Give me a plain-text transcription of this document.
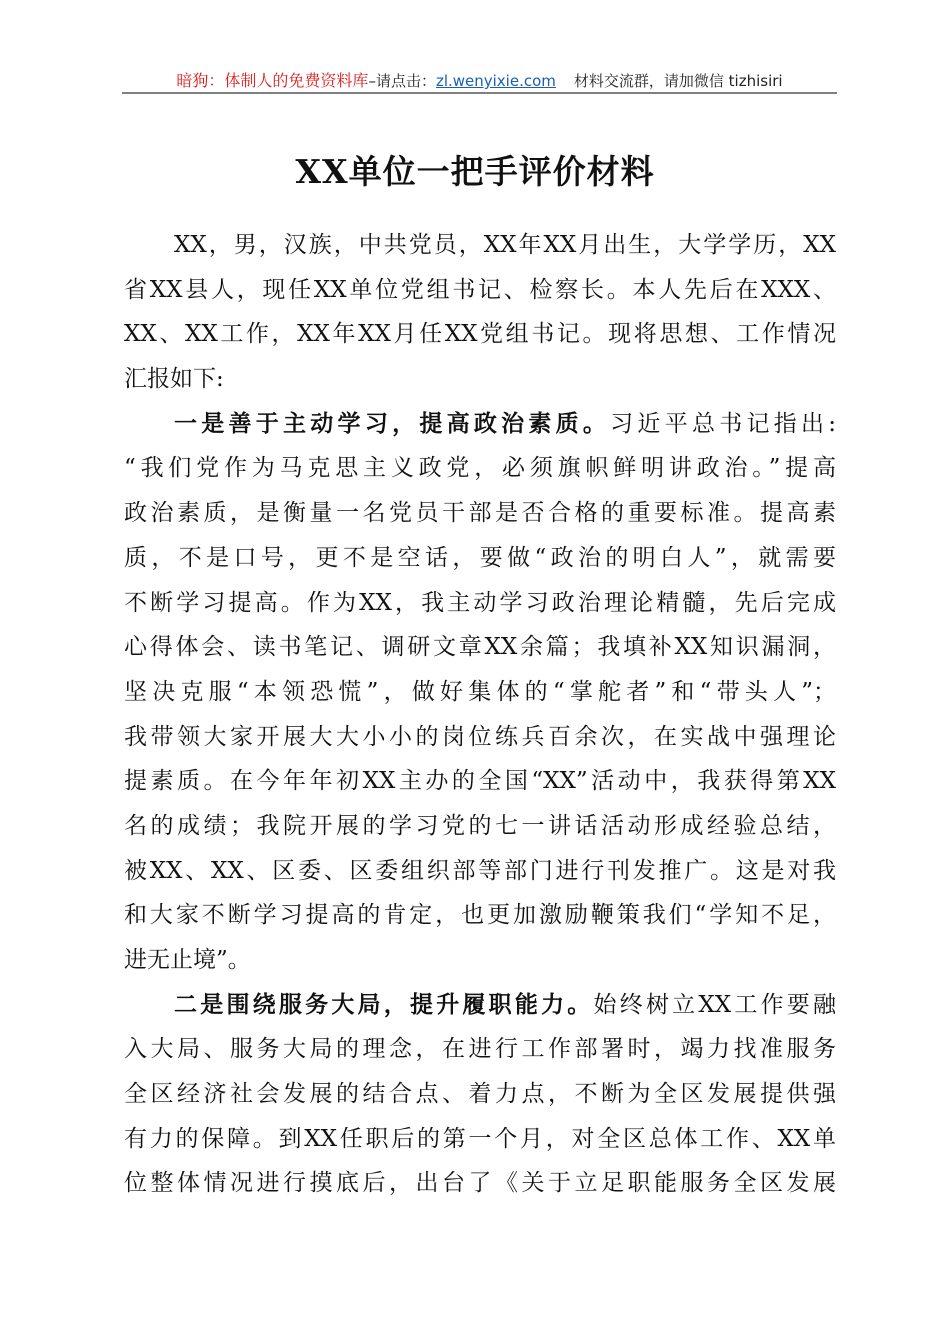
暗狗：体制人的免费资料库–请点击：zl.wenyixie.com 材料交流群，请加微信 tizhisiri
XX单位一把手评价材料
XX，男，汉族，中共党员，XX年XX月出生，大学学历，XX
省XX县人，现任XX单位党组书记、检察长。本人先后在XXX、
XX、XX工作，XX年XX月任XX党组书记。现将思想、工作情况
汇报如下:
一是善于主动学习，提高政治素质。习近平总书记指出:
“我们党作为马克思主义政党，必须旗帜鲜明讲政治。”提高
政治素质，是衡量一名党员干部是否合格的重要标准。提高素
质，不是口号，更不是空话，要做“政治的明白人”，就需要
不断学习提高。作为XX，我主动学习政治理论精髓，先后完成
心得体会、读书笔记、调研文章XX余篇；我填补XX知识漏洞，
坚决克服“本领恐慌”，做好集体的“掌舵者”和“带头人”；
我带领大家开展大大小小的岗位练兵百余次，在实战中强理论
提素质。在今年年初XX主办的全国“XX”活动中，我获得第XX
名的成绩；我院开展的学习党的七一讲话活动形成经验总结，
被XX、XX、区委、区委组织部等部门进行刊发推广。这是对我
和大家不断学习提高的肯定，也更加激励鞭策我们“学知不足，
进无止境”。
二是围绕服务大局，提升履职能力。始终树立XX工作要融
入大局、服务大局的理念，在进行工作部署时，竭力找准服务
全区经济社会发展的结合点、着力点，不断为全区发展提供强
有力的保障。到XX任职后的第一个月，对全区总体工作、XX单
位整体情况进行摸底后，出台了《关于立足职能服务全区发展
